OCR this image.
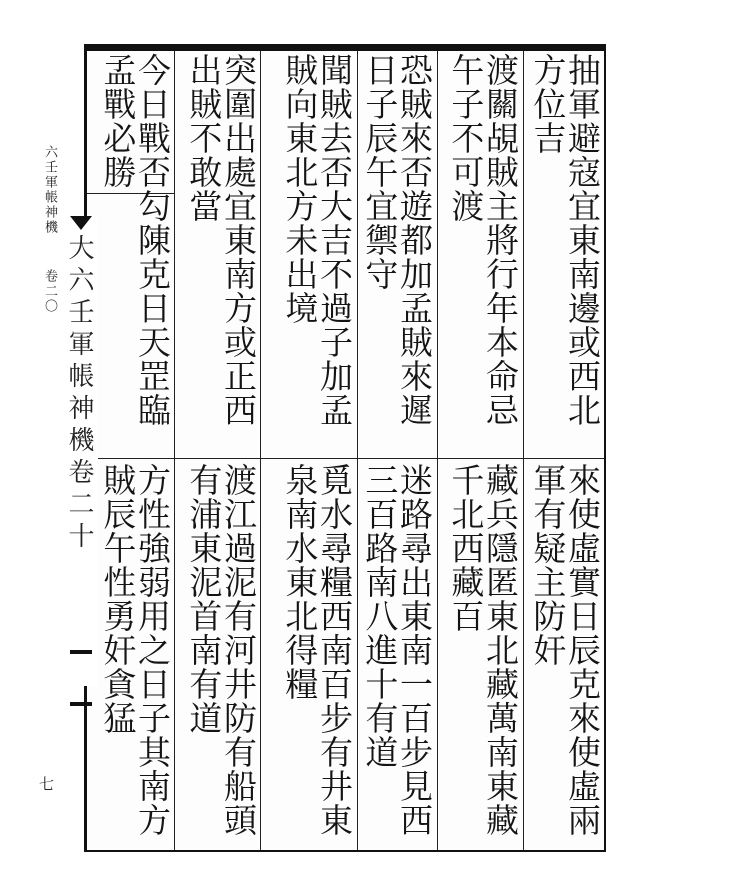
六壬軍帳神機  卷二〇
七
抽軍避寇宜東南邊或西北方位吉
來使虛實日辰克來使虛兩軍有疑主防奸
渡關覘賊主將行年本命忌午子不可渡
藏兵隱匿東北藏萬南東藏千北西藏百
恐賊來否遊都加孟賊來遲日子辰午宜禦守
迷路尋出東南一百步見西三百路南八進十有道
聞賊去否大吉不過子加孟賊向東北方未出境
覓水尋糧西南百步有井東泉南水東北得糧
突圍出處宜東南方或正西出賊不敢當
渡江過泥有河井防有船頭有浦東泥首南有道
今日戰否勾陳克日天罡臨孟戰必勝
方性強弱用之日子其南方賊辰午性勇奸貪猛
大六壬軍帳神機卷二十
